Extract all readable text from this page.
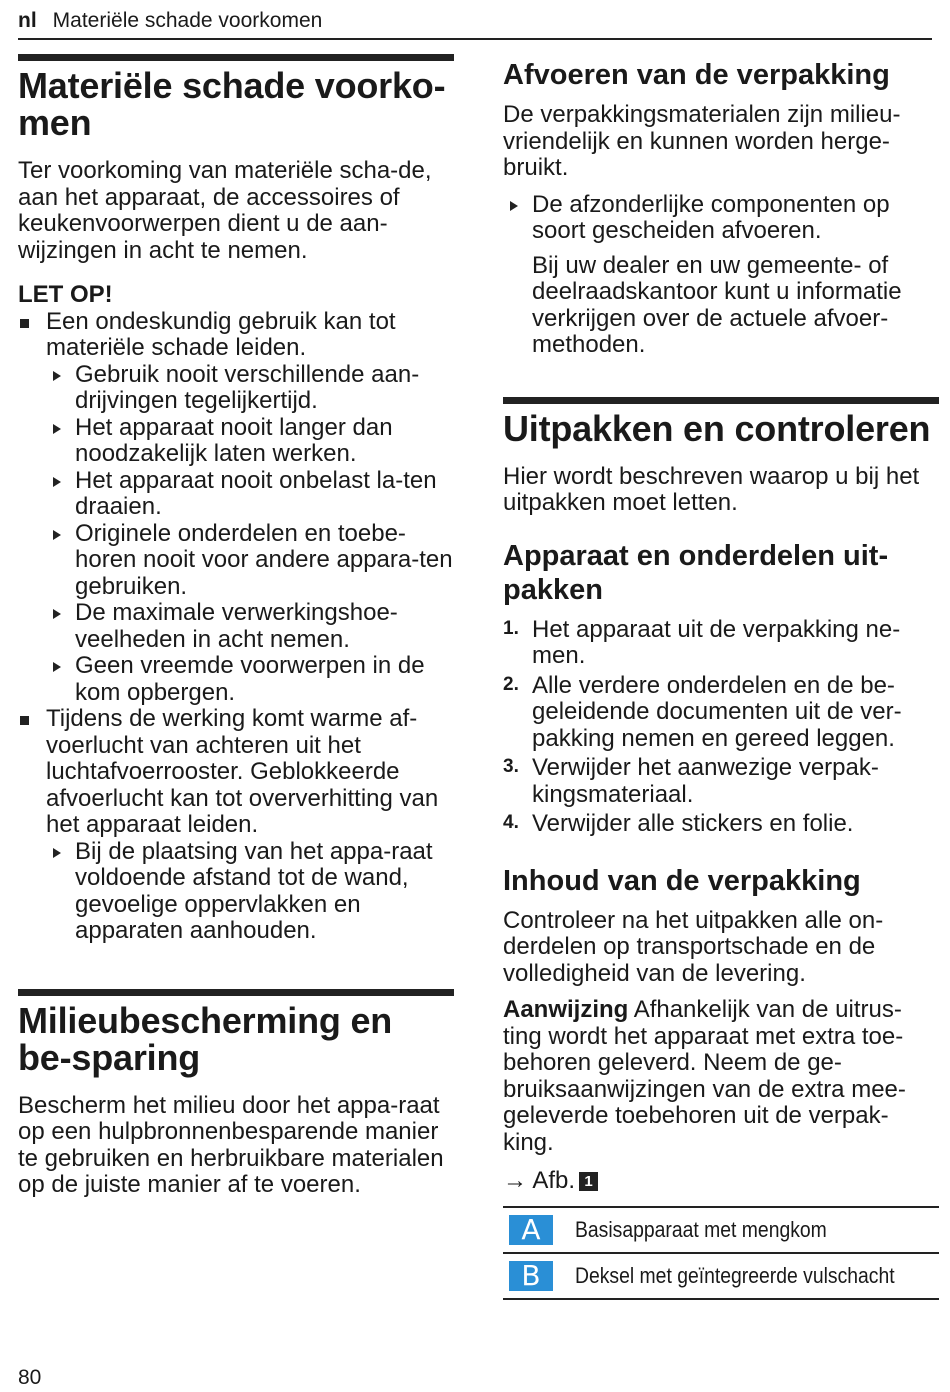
nl Materiële schade voorkomen
Materiële schade voorko-men

Ter voorkoming van materiële scha-de, aan het apparaat, de accessoires of keukenvoorwerpen dient u de aan-wijzingen in acht te nemen.

LET OP!
Een ondeskundig gebruik kan tot materiële schade leiden.
Gebruik nooit verschillende aan-drijvingen tegelijkertijd.
Het apparaat nooit langer dan noodzakelijk laten werken.
Het apparaat nooit onbelast la-ten draaien.
Originele onderdelen en toebe-horen nooit voor andere appara-ten gebruiken.
De maximale verwerkingshoe-veelheden in acht nemen.
Geen vreemde voorwerpen in de kom opbergen.
Tijdens de werking komt warme af-voerlucht van achteren uit het luchtafvoerrooster. Geblokkeerde afvoerlucht kan tot oververhitting van het apparaat leiden.
Bij de plaatsing van het appa-raat voldoende afstand tot de wand, gevoelige oppervlakken en apparaten aanhouden.
Milieubescherming en be-sparing

Bescherm het milieu door het appa-raat op een hulpbronnenbesparende manier te gebruiken en herbruikbare materialen op de juiste manier af te voeren.

Afvoeren van de verpakking

De verpakkingsmaterialen zijn milieu-vriendelijk en kunnen worden herge-bruikt.

De afzonderlijke componenten op soort gescheiden afvoeren.

Bij uw dealer en uw gemeente- of deelraadskantoor kunt u informatie verkrijgen over de actuele afvoer-methoden.

Uitpakken en controleren

Hier wordt beschreven waarop u bij het uitpakken moet letten.

Apparaat en onderdelen uit-pakken
1. Het apparaat uit de verpakking ne-men.
2. Alle verdere onderdelen en de be-geleidende documenten uit de ver-pakking nemen en gereed leggen.
3. Verwijder het aanwezige verpak-kingsmateriaal.
4. Verwijder alle stickers en folie.
Inhoud van de verpakking

Controleer na het uitpakken alle on-derdelen op transportschade en de volledigheid van de levering.

Aanwijzing Afhankelijk van de uitrus-ting wordt het apparaat met extra toe-behoren geleverd. Neem de ge-bruiksaanwijzingen van de extra mee-geleverde toebehoren uit de verpak-king.

→ Afb. 1
A	Basisapparaat met mengkom
B	Deksel met geïntegreerde vulschacht
80
